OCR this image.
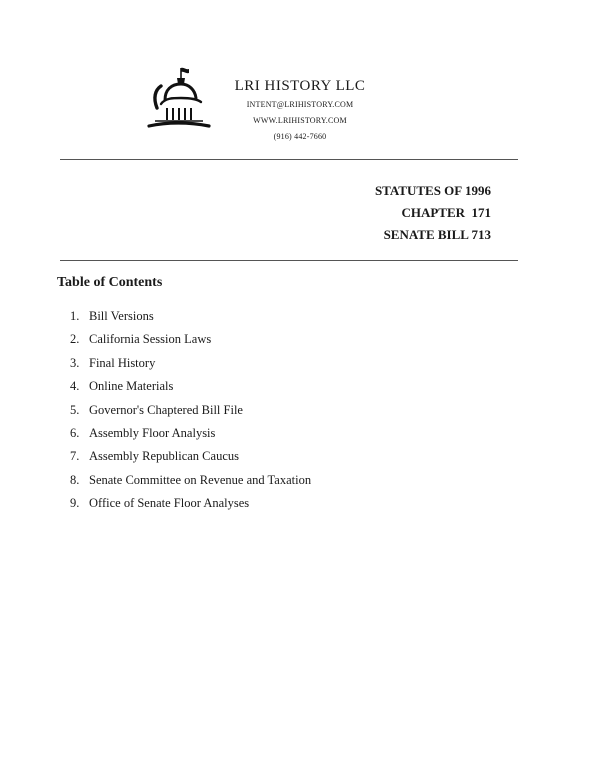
LRI HISTORY LLC
INTENT@LRIHISTORY.COM
WWW.LRIHISTORY.COM
(916) 442-7660
STATUTES OF 1996
CHAPTER  171
SENATE BILL 713
Table of Contents
1. Bill Versions
2. California Session Laws
3. Final History
4. Online Materials
5. Governor's Chaptered Bill File
6. Assembly Floor Analysis
7. Assembly Republican Caucus
8. Senate Committee on Revenue and Taxation
9. Office of Senate Floor Analyses
